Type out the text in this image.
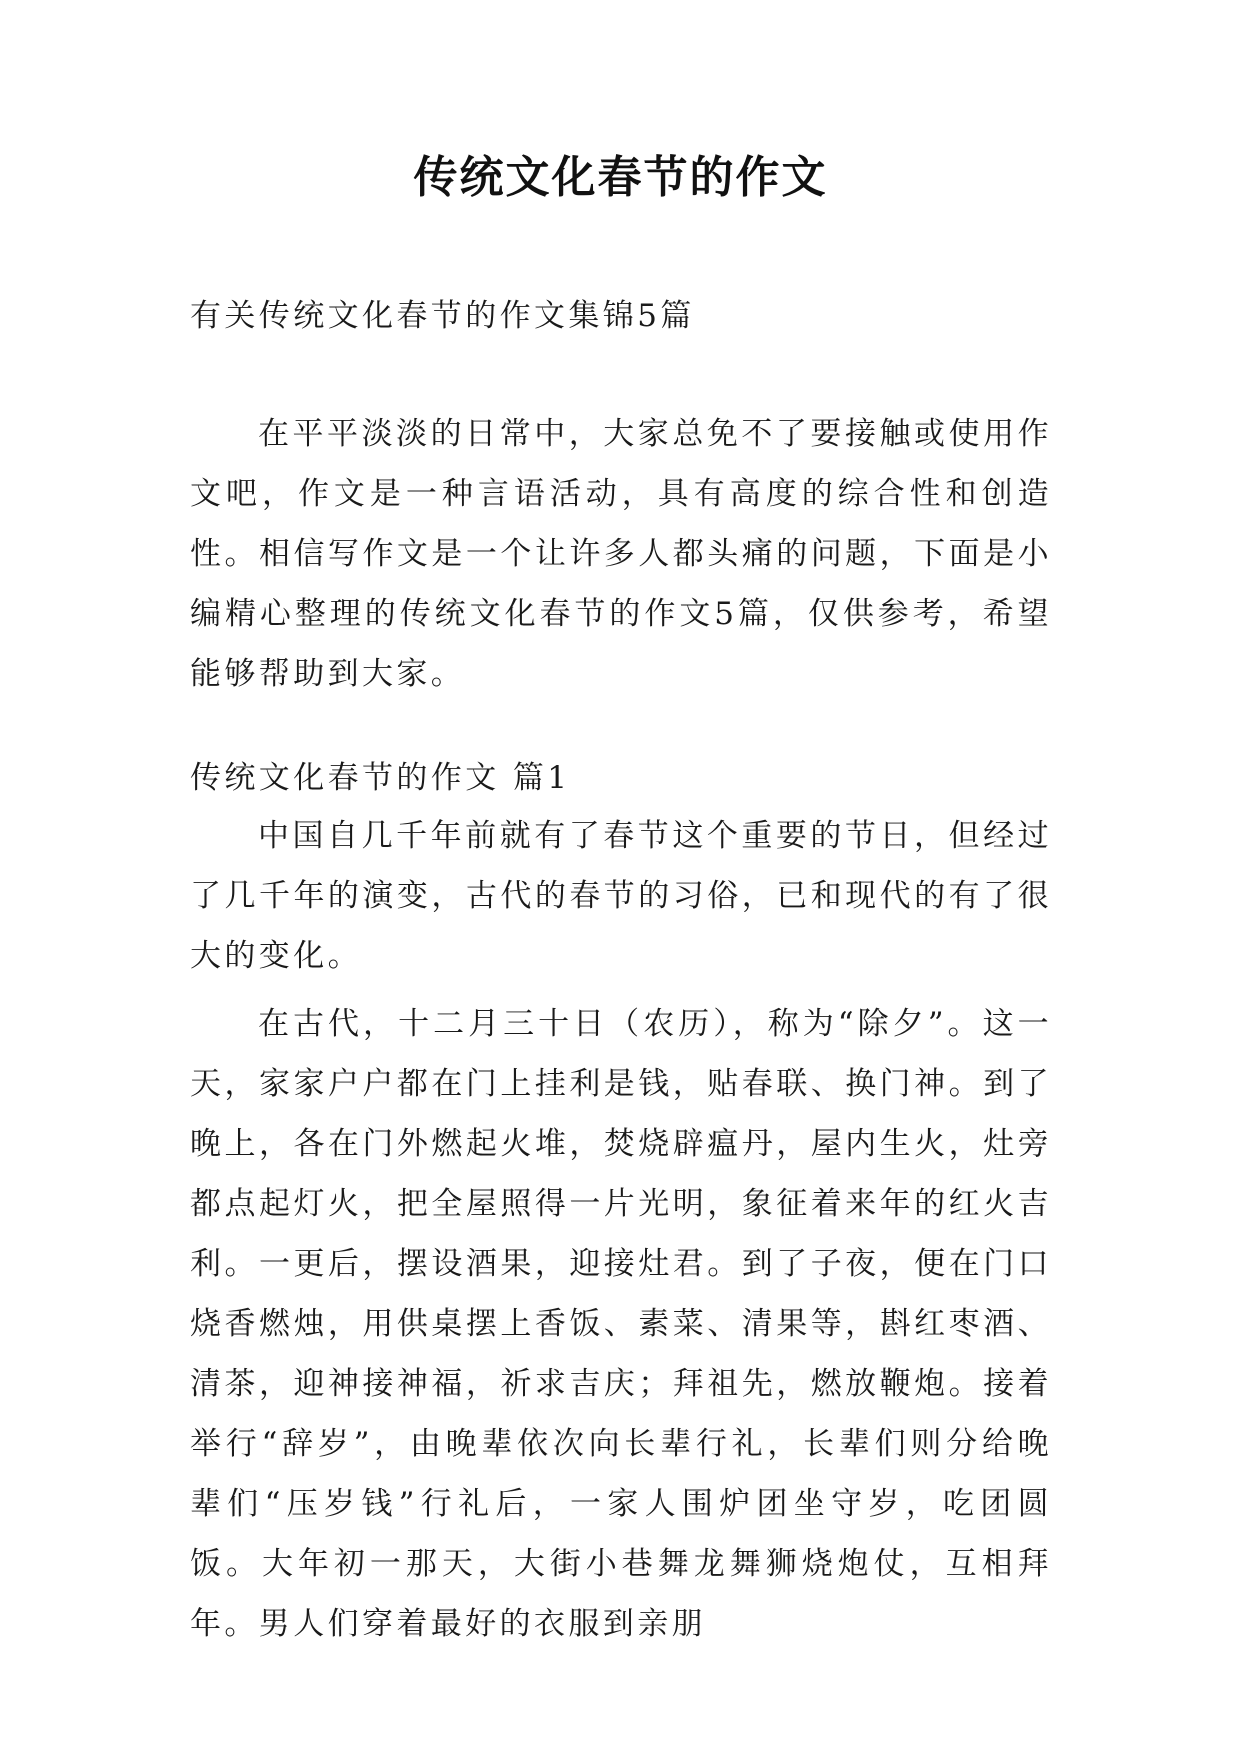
传统文化春节的作文

有关传统文化春节的作文集锦5篇

在平平淡淡的日常中，大家总免不了要接触或使用作文吧，作文是一种言语活动，具有高度的综合性和创造性。相信写作文是一个让许多人都头痛的问题，下面是小编精心整理的传统文化春节的作文5篇，仅供参考，希望能够帮助到大家。

传统文化春节的作文 篇1

中国自几千年前就有了春节这个重要的节日，但经过了几千年的演变，古代的春节的习俗，已和现代的有了很大的变化。

在古代，十二月三十日（农历），称为“除夕”。这一天，家家户户都在门上挂利是钱，贴春联、换门神。到了晚上，各在门外燃起火堆，焚烧辟瘟丹，屋内生火，灶旁都点起灯火，把全屋照得一片光明，象征着来年的红火吉利。一更后，摆设酒果，迎接灶君。到了子夜，便在门口烧香燃烛，用供桌摆上香饭、素菜、清果等，斟红枣酒、清茶，迎神接神福，祈求吉庆；拜祖先，燃放鞭炮。接着举行“辞岁”，由晚辈依次向长辈行礼，长辈们则分给晚辈们“压岁钱”行礼后，一家人围炉团坐守岁，吃团圆饭。大年初一那天，大街小巷舞龙舞狮烧炮仗，互相拜年。男人们穿着最好的衣服到亲朋
